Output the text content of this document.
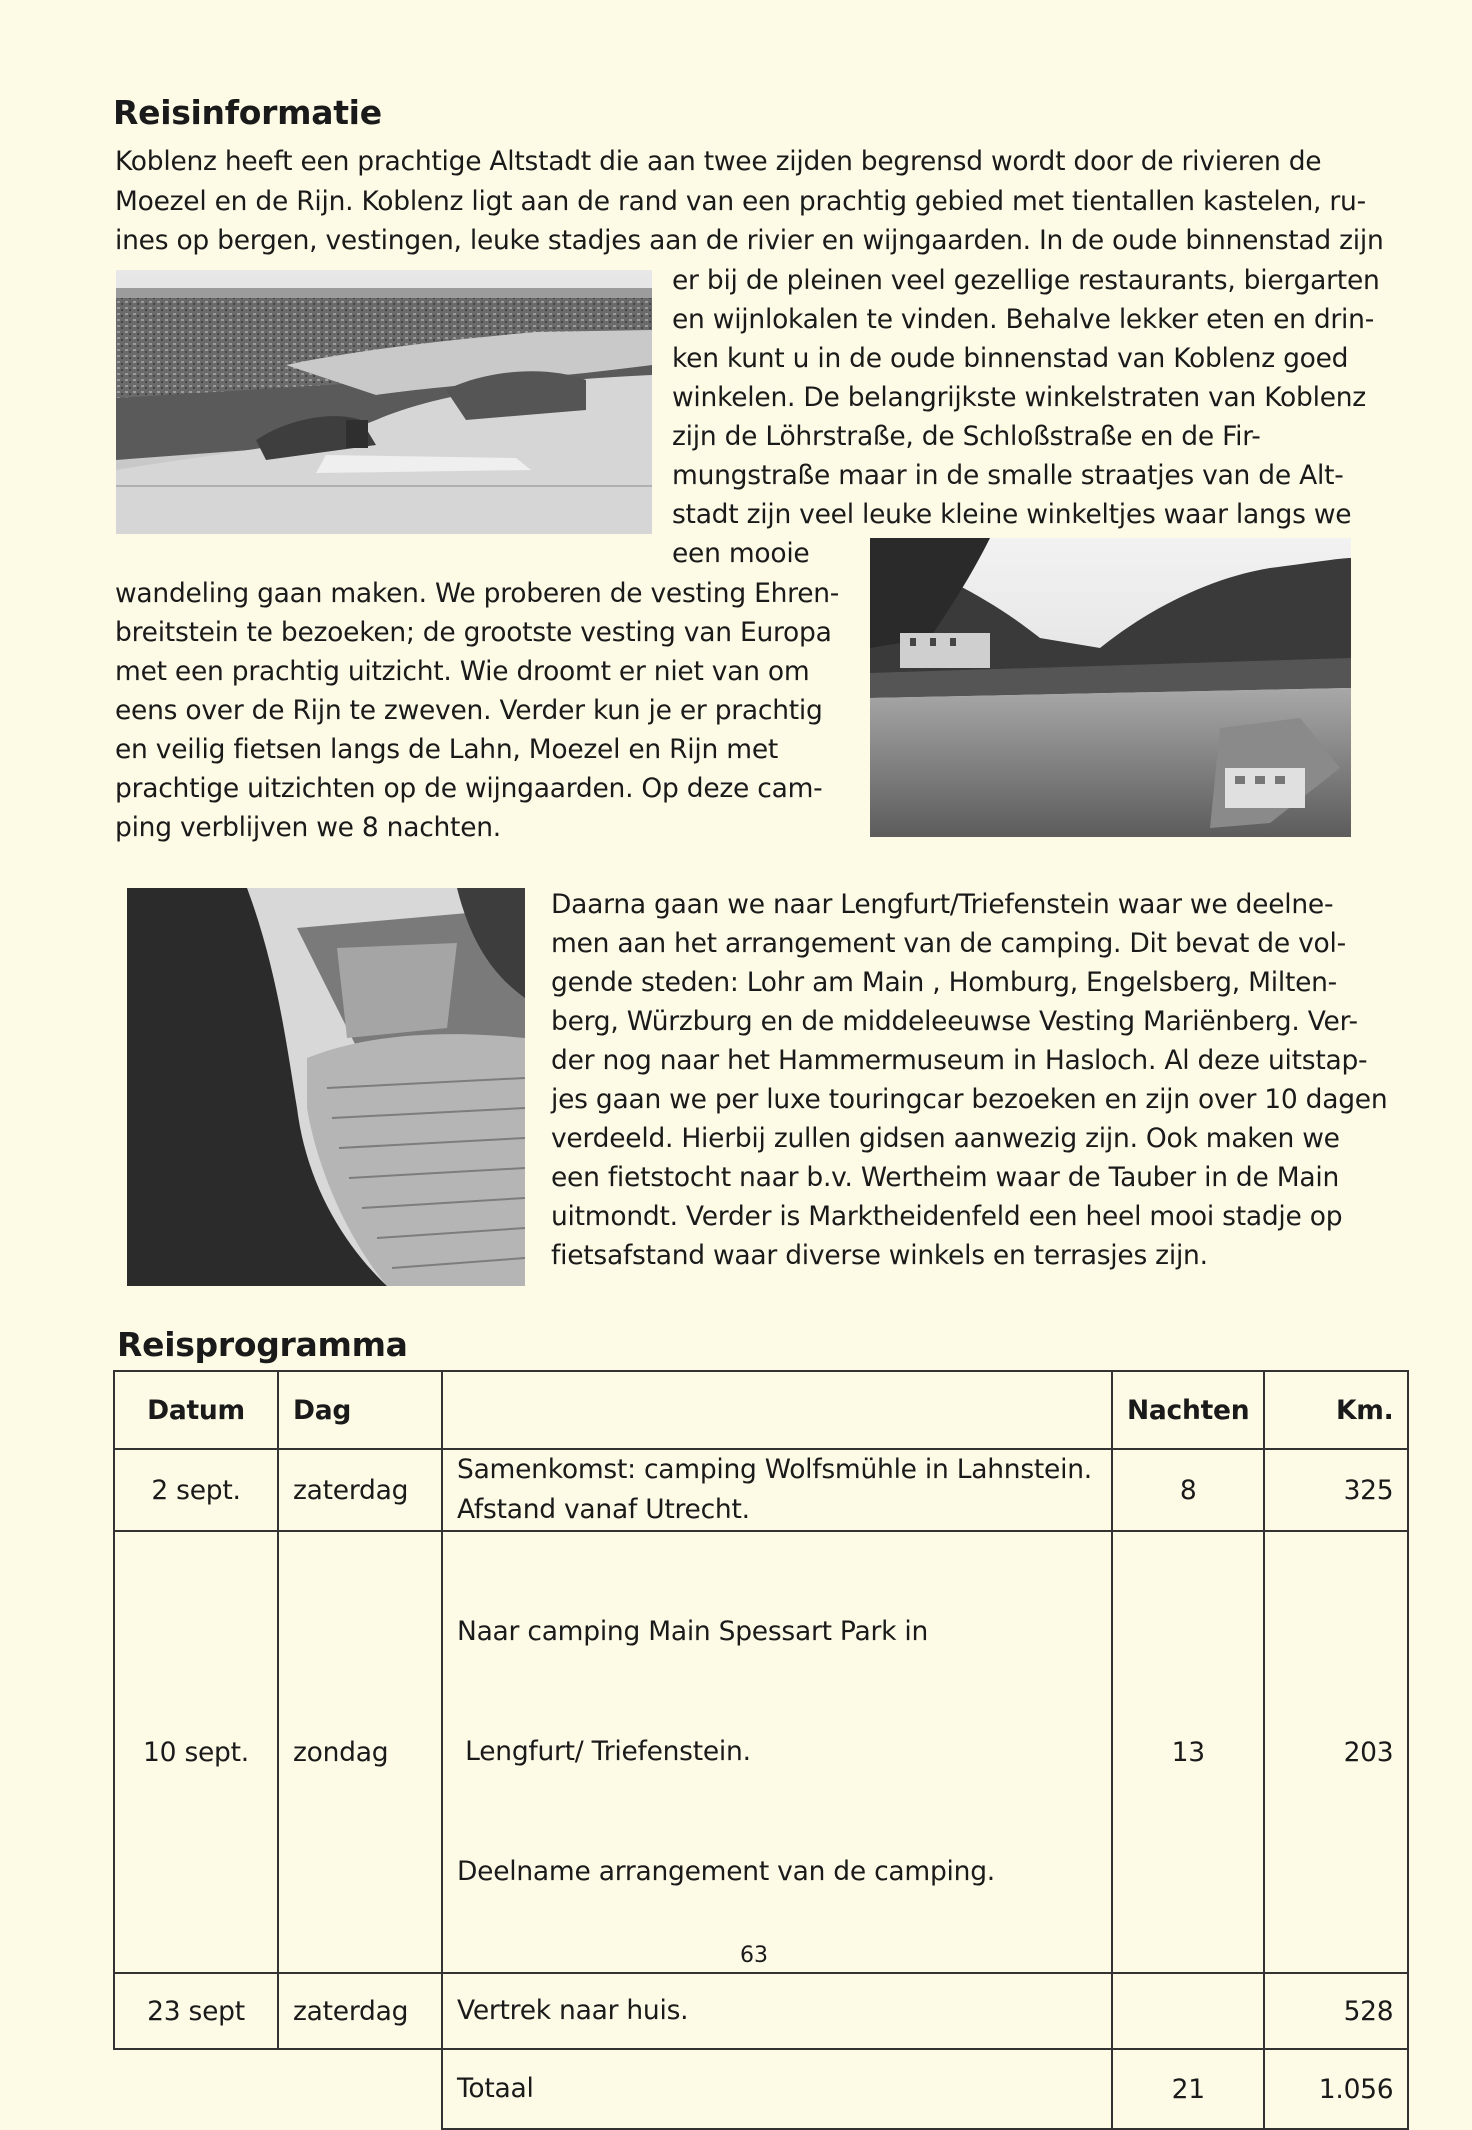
Reisinformatie
Koblenz heeft een prachtige Altstadt die aan twee zijden begrensd wordt door de rivieren de
Moezel en de Rijn. Koblenz ligt aan de rand van een prachtig gebied met tientallen kastelen, ru-
ines op bergen, vestingen, leuke stadjes aan de rivier en wijngaarden. In de oude binnenstad zijn
er bij de pleinen veel gezellige restaurants, biergarten
en wijnlokalen te vinden. Behalve lekker eten en drin-
ken kunt u in de oude binnenstad van Koblenz goed
winkelen. De belangrijkste winkelstraten van Koblenz
zijn de Löhrstraße, de Schloßstraße en de Fir-
mungstraße maar in de smalle straatjes van de Alt-
stadt zijn veel leuke kleine winkeltjes waar langs we
een mooie
wandeling gaan maken. We proberen de vesting Ehren-
breitstein te bezoeken; de grootste vesting van Europa
met een prachtig uitzicht. Wie droomt er niet van om
eens over de Rijn te zweven. Verder kun je er prachtig
en veilig fietsen langs de Lahn, Moezel en Rijn met
prachtige uitzichten op de wijngaarden. Op deze cam-
ping verblijven we 8 nachten.
Daarna gaan we naar Lengfurt/Triefenstein waar we deelne-
men aan het arrangement van de camping. Dit bevat de vol-
gende steden: Lohr am Main , Homburg, Engelsberg, Milten-
berg, Würzburg en de middeleeuwse Vesting Mariënberg. Ver-
der nog naar het Hammermuseum in Hasloch. Al deze uitstap-
jes gaan we per luxe touringcar bezoeken en zijn over 10 dagen
verdeeld. Hierbij zullen gidsen aanwezig zijn. Ook maken we
een fietstocht naar b.v. Wertheim waar de Tauber in de Main
uitmondt. Verder is Marktheidenfeld een heel mooi stadje op
fietsafstand waar diverse winkels en terrasjes zijn.
Reisprogramma
Datum	Dag		Nachten	Km.
2 sept.	zaterdag	Samenkomst: camping Wolfsmühle in Lahnstein.
Afstand vanaf Utrecht.	8	325
10 sept.	zondag	Naar camping Main Spessart Park in

Lengfurt/ Triefenstein.

Deelname arrangement van de camping.	13	203
23 sept	zaterdag	Vertrek naar huis.		528
		Totaal	21	1.056
63
